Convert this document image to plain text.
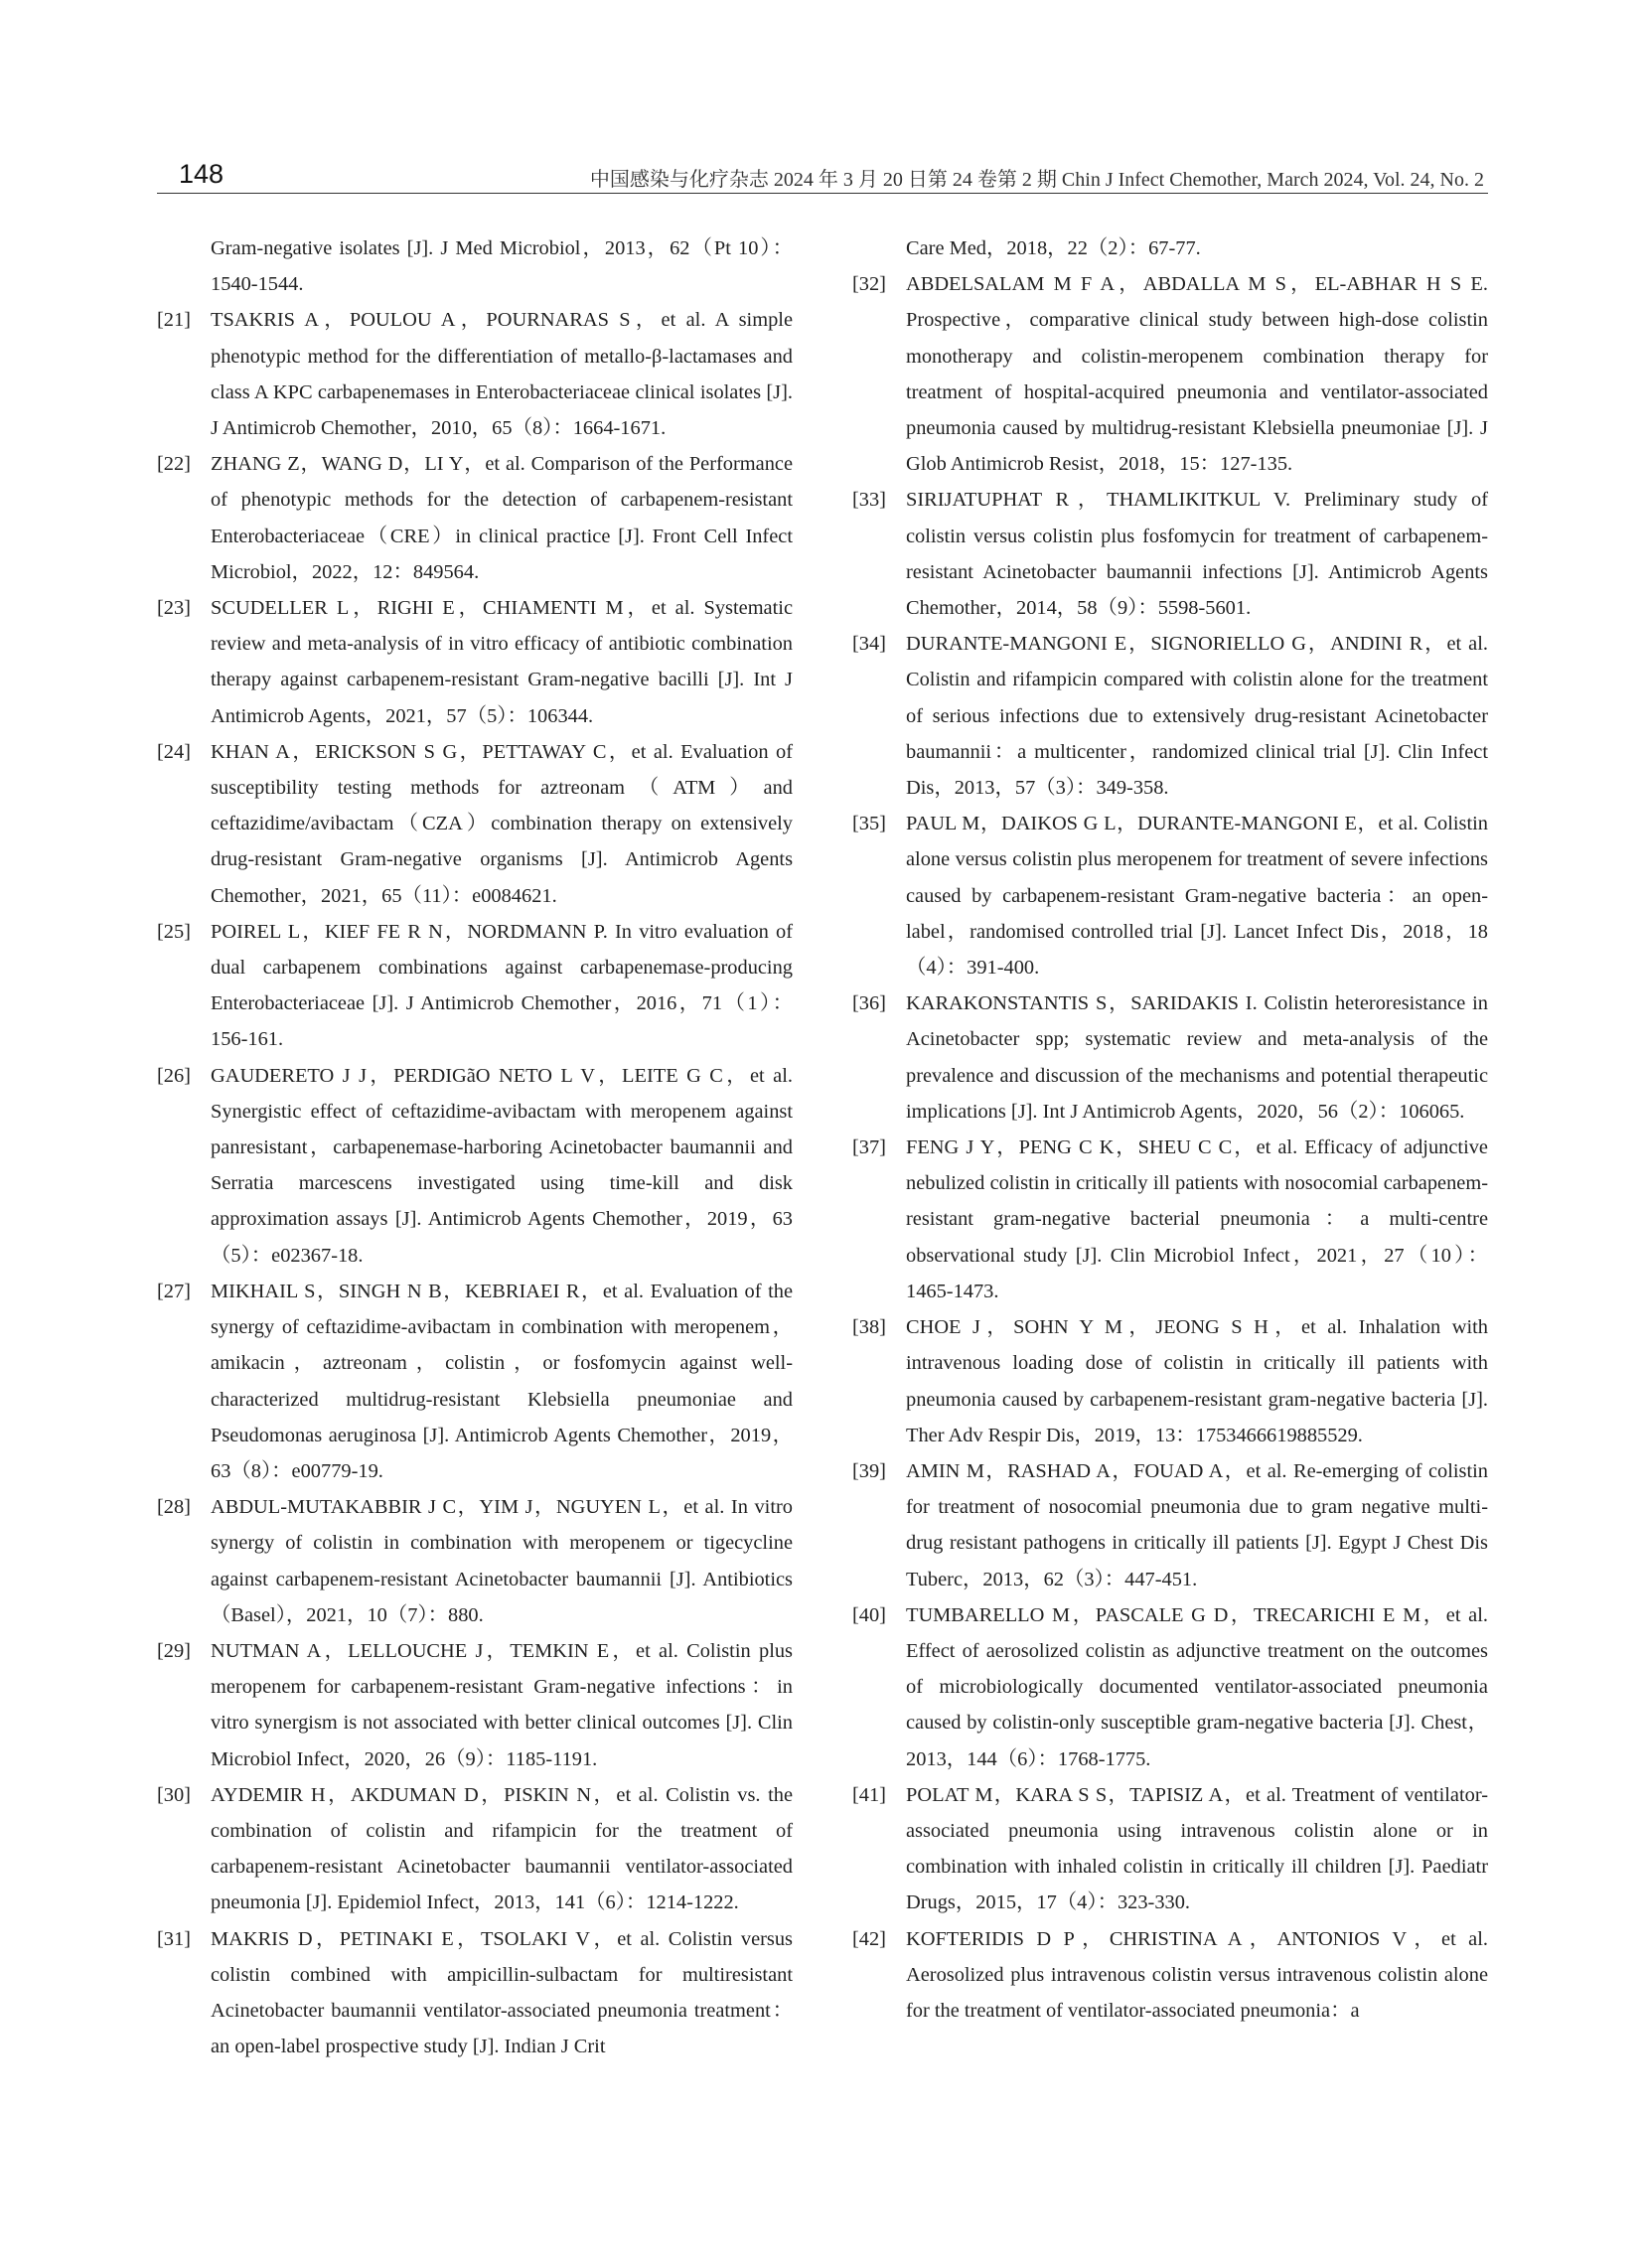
148	中国感染与化疗杂志 2024 年 3 月 20 日第 24 卷第 2 期 Chin J Infect Chemother, March 2024, Vol. 24, No. 2
Gram-negative isolates [J]. J Med Microbiol，2013，62（Pt 10）：1540-1544.
[21] TSAKRIS A，POULOU A，POURNARAS S，et al. A simple phenotypic method for the differentiation of metallo-β-lactamases and class A KPC carbapenemases in Enterobacteriaceae clinical isolates [J]. J Antimicrob Chemother，2010，65（8）：1664-1671.
[22] ZHANG Z，WANG D，LI Y，et al. Comparison of the Performance of phenotypic methods for the detection of carbapenem-resistant Enterobacteriaceae（CRE）in clinical practice [J]. Front Cell Infect Microbiol，2022，12：849564.
[23] SCUDELLER L，RIGHI E，CHIAMENTI M，et al. Systematic review and meta-analysis of in vitro efficacy of antibiotic combination therapy against carbapenem-resistant Gram-negative bacilli [J]. Int J Antimicrob Agents，2021，57（5）：106344.
[24] KHAN A，ERICKSON S G，PETTAWAY C，et al. Evaluation of susceptibility testing methods for aztreonam（ATM）and ceftazidime/avibactam（CZA）combination therapy on extensively drug-resistant Gram-negative organisms [J]. Antimicrob Agents Chemother，2021，65（11）：e0084621.
[25] POIREL L，KIEF FE R N，NORDMANN P. In vitro evaluation of dual carbapenem combinations against carbapenemase-producing Enterobacteriaceae [J]. J Antimicrob Chemother，2016，71（1）：156-161.
[26] GAUDERETO J J，PERDIGãO NETO L V，LEITE G C，et al. Synergistic effect of ceftazidime-avibactam with meropenem against panresistant，carbapenemase-harboring Acinetobacter baumannii and Serratia marcescens investigated using time-kill and disk approximation assays [J]. Antimicrob Agents Chemother，2019，63（5）：e02367-18.
[27] MIKHAIL S，SINGH N B，KEBRIAEI R，et al. Evaluation of the synergy of ceftazidime-avibactam in combination with meropenem，amikacin，aztreonam，colistin，or fosfomycin against well-characterized multidrug-resistant Klebsiella pneumoniae and Pseudomonas aeruginosa [J]. Antimicrob Agents Chemother，2019，63（8）：e00779-19.
[28] ABDUL-MUTAKABBIR J C，YIM J，NGUYEN L，et al. In vitro synergy of colistin in combination with meropenem or tigecycline against carbapenem-resistant Acinetobacter baumannii [J]. Antibiotics（Basel），2021，10（7）：880.
[29] NUTMAN A，LELLOUCHE J，TEMKIN E，et al. Colistin plus meropenem for carbapenem-resistant Gram-negative infections：in vitro synergism is not associated with better clinical outcomes [J]. Clin Microbiol Infect，2020，26（9）：1185-1191.
[30] AYDEMIR H，AKDUMAN D，PISKIN N，et al. Colistin vs. the combination of colistin and rifampicin for the treatment of carbapenem-resistant Acinetobacter baumannii ventilator-associated pneumonia [J]. Epidemiol Infect，2013，141（6）：1214-1222.
[31] MAKRIS D，PETINAKI E，TSOLAKI V，et al. Colistin versus colistin combined with ampicillin-sulbactam for multiresistant Acinetobacter baumannii ventilator-associated pneumonia treatment：an open-label prospective study [J]. Indian J Crit
Care Med，2018，22（2）：67-77.
[32] ABDELSALAM M F A，ABDALLA M S，EL-ABHAR H S E. Prospective，comparative clinical study between high-dose colistin monotherapy and colistin-meropenem combination therapy for treatment of hospital-acquired pneumonia and ventilator-associated pneumonia caused by multidrug-resistant Klebsiella pneumoniae [J]. J Glob Antimicrob Resist，2018，15：127-135.
[33] SIRIJATUPHAT R，THAMLIKITKUL V. Preliminary study of colistin versus colistin plus fosfomycin for treatment of carbapenem-resistant Acinetobacter baumannii infections [J]. Antimicrob Agents Chemother，2014，58（9）：5598-5601.
[34] DURANTE-MANGONI E，SIGNORIELLO G，ANDINI R，et al. Colistin and rifampicin compared with colistin alone for the treatment of serious infections due to extensively drug-resistant Acinetobacter baumannii：a multicenter，randomized clinical trial [J]. Clin Infect Dis，2013，57（3）：349-358.
[35] PAUL M，DAIKOS G L，DURANTE-MANGONI E，et al. Colistin alone versus colistin plus meropenem for treatment of severe infections caused by carbapenem-resistant Gram-negative bacteria：an open-label，randomised controlled trial [J]. Lancet Infect Dis，2018，18（4）：391-400.
[36] KARAKONSTANTIS S，SARIDAKIS I. Colistin heteroresistance in Acinetobacter spp; systematic review and meta-analysis of the prevalence and discussion of the mechanisms and potential therapeutic implications [J]. Int J Antimicrob Agents，2020，56（2）：106065.
[37] FENG J Y，PENG C K，SHEU C C，et al. Efficacy of adjunctive nebulized colistin in critically ill patients with nosocomial carbapenem-resistant gram-negative bacterial pneumonia：a multi-centre observational study [J]. Clin Microbiol Infect，2021，27（10）：1465-1473.
[38] CHOE J，SOHN Y M，JEONG S H，et al. Inhalation with intravenous loading dose of colistin in critically ill patients with pneumonia caused by carbapenem-resistant gram-negative bacteria [J]. Ther Adv Respir Dis，2019，13：1753466619885529.
[39] AMIN M，RASHAD A，FOUAD A，et al. Re-emerging of colistin for treatment of nosocomial pneumonia due to gram negative multi-drug resistant pathogens in critically ill patients [J]. Egypt J Chest Dis Tuberc，2013，62（3）：447-451.
[40] TUMBARELLO M，PASCALE G D，TRECARICHI E M，et al. Effect of aerosolized colistin as adjunctive treatment on the outcomes of microbiologically documented ventilator-associated pneumonia caused by colistin-only susceptible gram-negative bacteria [J]. Chest，2013，144（6）：1768-1775.
[41] POLAT M，KARA S S，TAPISIZ A，et al. Treatment of ventilator-associated pneumonia using intravenous colistin alone or in combination with inhaled colistin in critically ill children [J]. Paediatr Drugs，2015，17（4）：323-330.
[42] KOFTERIDIS D P，CHRISTINA A，ANTONIOS V，et al. Aerosolized plus intravenous colistin versus intravenous colistin alone for the treatment of ventilator-associated pneumonia：a
